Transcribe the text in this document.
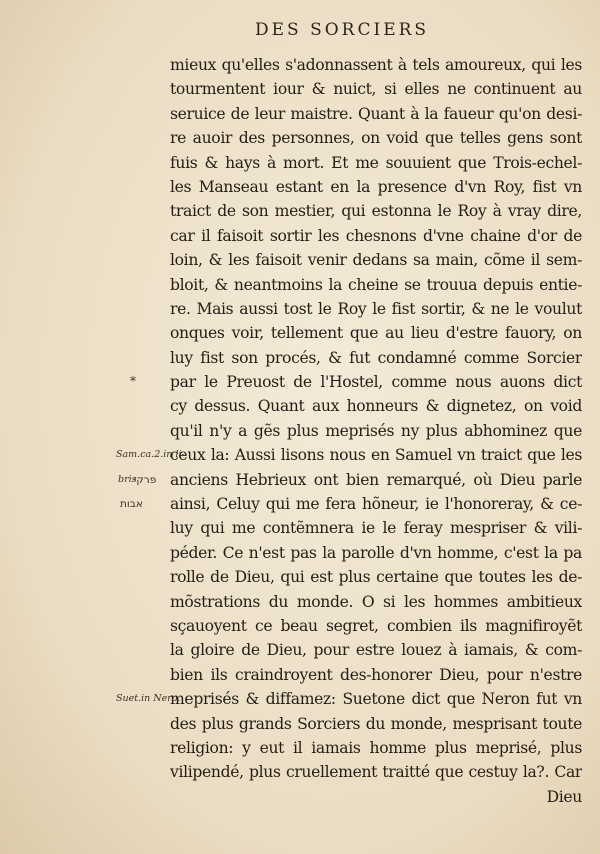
DES SORCIERS
*
mieux qu'elles s'adonnassent à tels amoureux, qui les
tourmentent iour & nuict, si elles ne continuent au
seruice de leur maistre. Quant à la faueur qu'on desi-
re auoir des personnes, on void que telles gens sont
fuis & hays à mort. Et me souuient que Trois-echel-
les Manseau estant en la presence d'vn Roy, fist vn
traict de son mestier, qui estonna le Roy à vray dire,
car il faisoit sortir les chesnons d'vne chaine d'or de
loin, & les faisoit venir dedans sa main, cõme il sem-
bloit, & neantmoins la cheine se trouua depuis entie-
re. Mais aussi tost le Roy le fist sortir, & ne le voulut
onques voir, tellement que au lieu d'estre fauory, on
luy fist son procés, & fut condamné comme Sorcier
par le Preuost de l'Hostel, comme nous auons dict
cy dessus. Quant aux honneurs & dignetez, on void
qu'il n'y a gẽs plus meprisés ny plus abhominez que
ceux la: Aussi lisons nous en Samuel vn traict que les
anciens Hebrieux ont bien remarqué, où Dieu parle
ainsi, Celuy qui me fera hõneur, ie l'honoreray, & ce-
luy qui me contẽmnera ie le feray mespriser & vili-
péder. Ce n'est pas la parolle d'vn homme, c'est la pa
rolle de Dieu, qui est plus certaine que toutes les de-
mõstrations du monde. O si les hommes ambitieux
sçauoyent ce beau segret, combien ils magnifiroyẽt
la gloire de Dieu, pour estre louez à iamais, & com-
bien ils craindroyent des-honorer Dieu, pour n'estre
meprisés & diffamez: Suetone dict que Neron fut vn
des plus grands Sorciers du monde, mesprisant toute
religion: y eut il iamais homme plus meprisé, plus
vilipendé, plus cruellement traitté que cestuy la?. Car
Dieu
Sam.ca.2.in li-
bris
פרקי
אבות
Suet.in Nero.
